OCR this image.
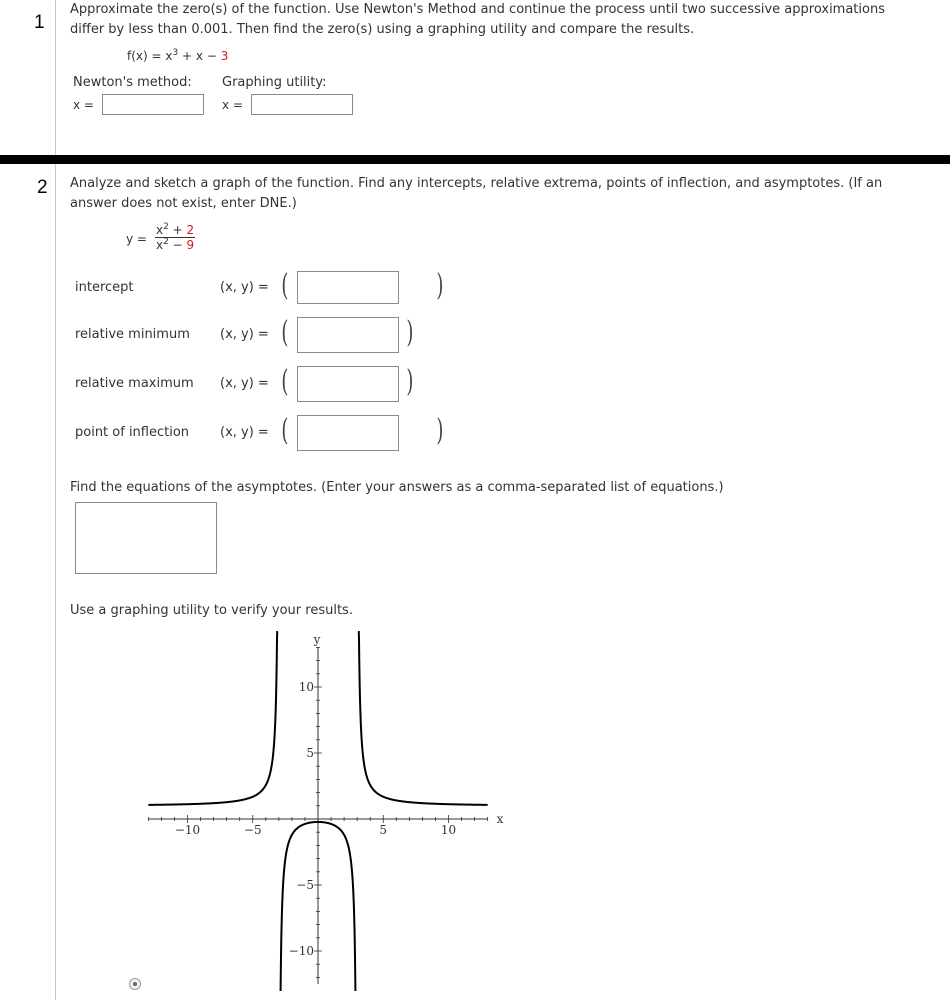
1
Approximate the zero(s) of the function. Use Newton's Method and continue the process until two successive approximations
differ by less than 0.001. Then find the zero(s) using a graphing utility and compare the results.
$f(x) = x^3 + x - 3$
Newton's method: Graphing utility:
x =	x =
2 Analyze and sketch a graph of the function. Find any intercepts, relative extrema, points of inflection, and asymptotes. (If an
answer does not exist, enter DNE.)
$y = \frac{x^2 + 2}{x^2 - 9}$
intercept	(x, y) = (	)
relative minimum (x, y) = (	)
relative maximum (x, y) = (	)
point of inflection (x, y) = (	)
Find the equations of the asymptotes. (Enter your answers as a comma-separated list of equations.)
Use a graphing utility to verify your results.
−10	−5	5	10
10
5
−5
−10
x
y
